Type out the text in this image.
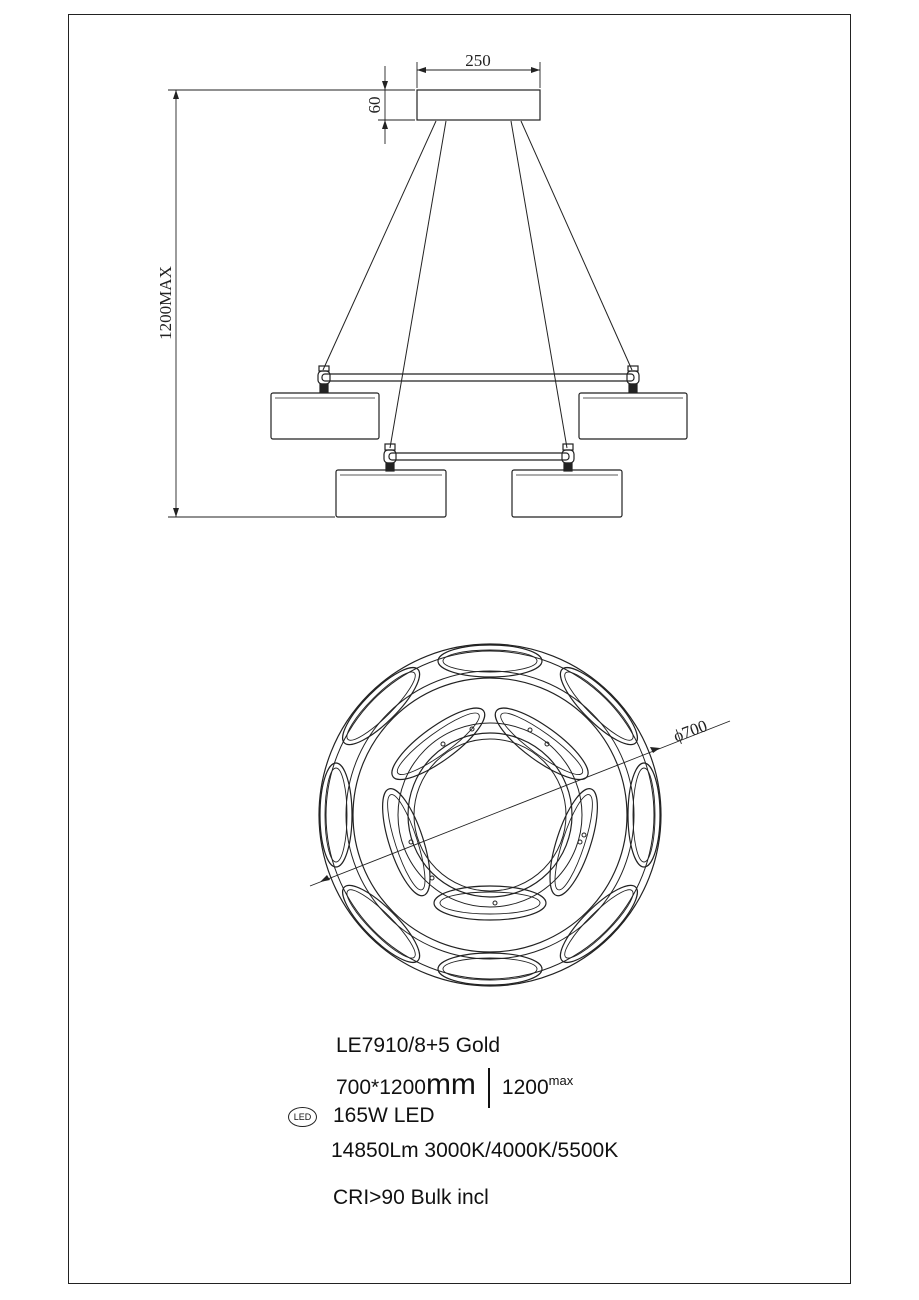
250
60
1200MAX
ϕ700
LE7910/8+5 Gold
700*1200mm $1200^{max}$
LED 165W LED
14850Lm 3000K/4000K/5500K
CRI>90 Bulk incl
